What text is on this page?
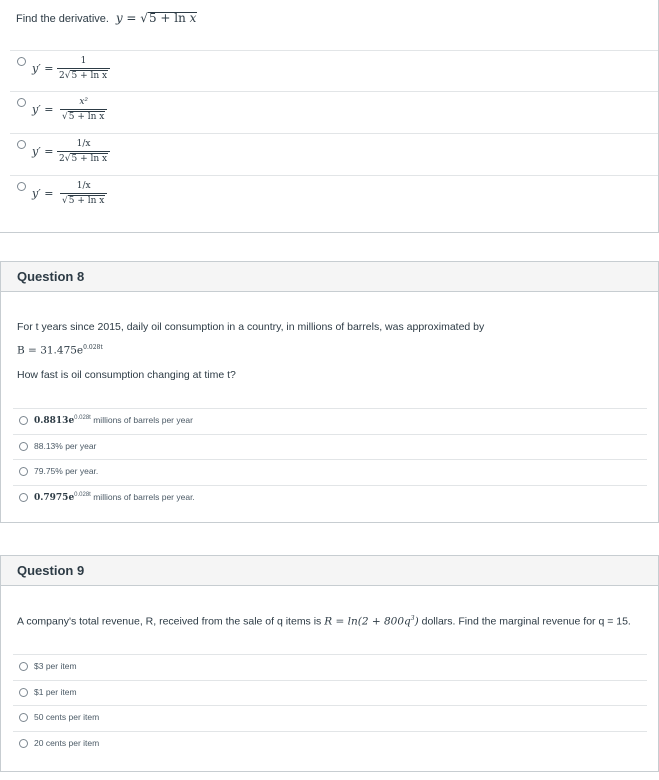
Find the derivative.  y = √5 + ln x
y′ =
1
2√5 + ln x
y′ =
x²
√5 + ln x
y′ =
1/x
2√5 + ln x
y′ =
1/x
√5 + ln x
Question 8
For t years since 2015, daily oil consumption in a country, in millions of barrels, was approximated by
$B = 31.475e^{0.028t}$
How fast is oil consumption changing at time t?
$0.8813e^{0.028t}$ millions of barrels per year
88.13% per year
79.75% per year.
$0.7975e^{0.028t}$ millions of barrels per year.
Question 9
A company's total revenue, R, received from the sale of q items is $R = \ln(2 + 800q^3)$ dollars. Find the marginal revenue for q = 15.
$3 per item
$1 per item
50 cents per item
20 cents per item
